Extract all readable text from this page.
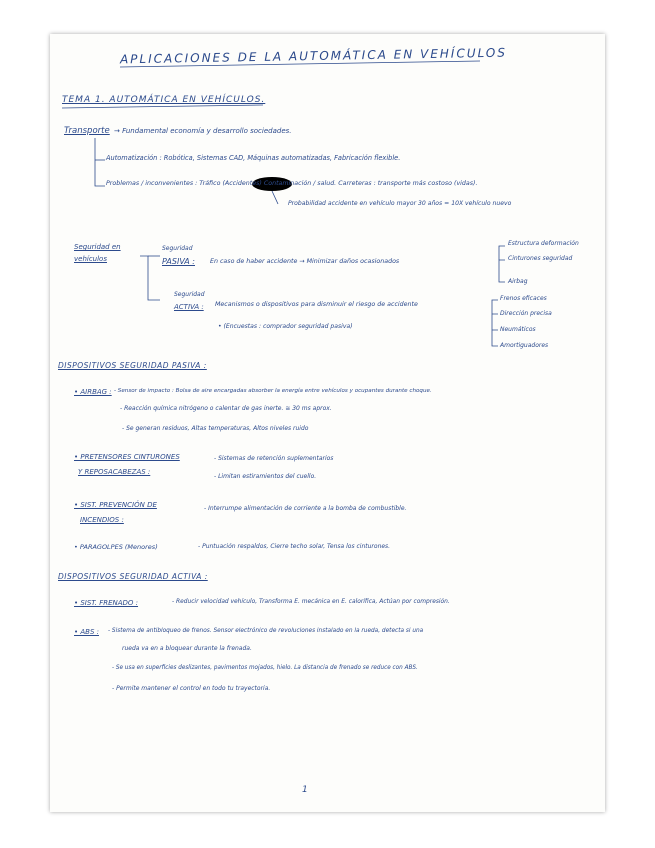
APLICACIONES DE LA AUTOMÁTICA EN VEHÍCULOS
TEMA 1. AUTOMÁTICA EN VEHÍCULOS.
Transporte → Fundamental economía y desarrollo sociedades.
Automatización : Robótica, Sistemas CAD, Máquinas automatizadas, Fabricación flexible.
Problemas / inconvenientes : Tráfico (Accidentes) Contaminación / salud. Carreteras : transporte más costoso (vidas).
Probabilidad accidente en vehículo mayor 30 años = 10X vehículo nuevo
Seguridad en
vehículos
Seguridad
PASIVA : En caso de haber accidente → Minimizar daños ocasionados
Estructura deformación
Cinturones seguridad
Airbag
Seguridad
ACTIVA : Mecanismos o dispositivos para disminuir el riesgo de accidente
• (Encuestas : comprador seguridad pasiva)
Frenos eficaces
Dirección precisa
Neumáticos
Amortiguadores
DISPOSITIVOS SEGURIDAD PASIVA :
• AIRBAG : - Sensor de impacto : Bolsa de aire encargadas absorber la energía entre vehículos y ocupantes durante choque.
- Reacción química nitrógeno o calentar de gas inerte. ≅ 30 ms aprox.
- Se generan residuos, Altas temperaturas, Altos niveles ruido
• PRETENSORES CINTURONES
Y REPOSACABEZAS :
- Sistemas de retención suplementarios
- Limitan estiramientos del cuello.
• SIST. PREVENCIÓN DE
INCENDIOS :
- Interrumpe alimentación de corriente a la bomba de combustible.
• PARAGOLPES (Menores)	- Puntuación respaldos, Cierre techo solar, Tensa los cinturones.
DISPOSITIVOS SEGURIDAD ACTIVA :
• SIST. FRENADO :	- Reducir velocidad vehículo, Transforma E. mecánica en E. calorífica, Actúan por compresión.
• ABS : - Sistema de antibloqueo de frenos. Sensor electrónico de revoluciones instalado en la rueda, detecta si una
rueda va en a bloquear durante la frenada.
- Se usa en superficies deslizantes, pavimentos mojados, hielo. La distancia de frenado se reduce con ABS.
- Permite mantener el control en todo tu trayectoria.
1
